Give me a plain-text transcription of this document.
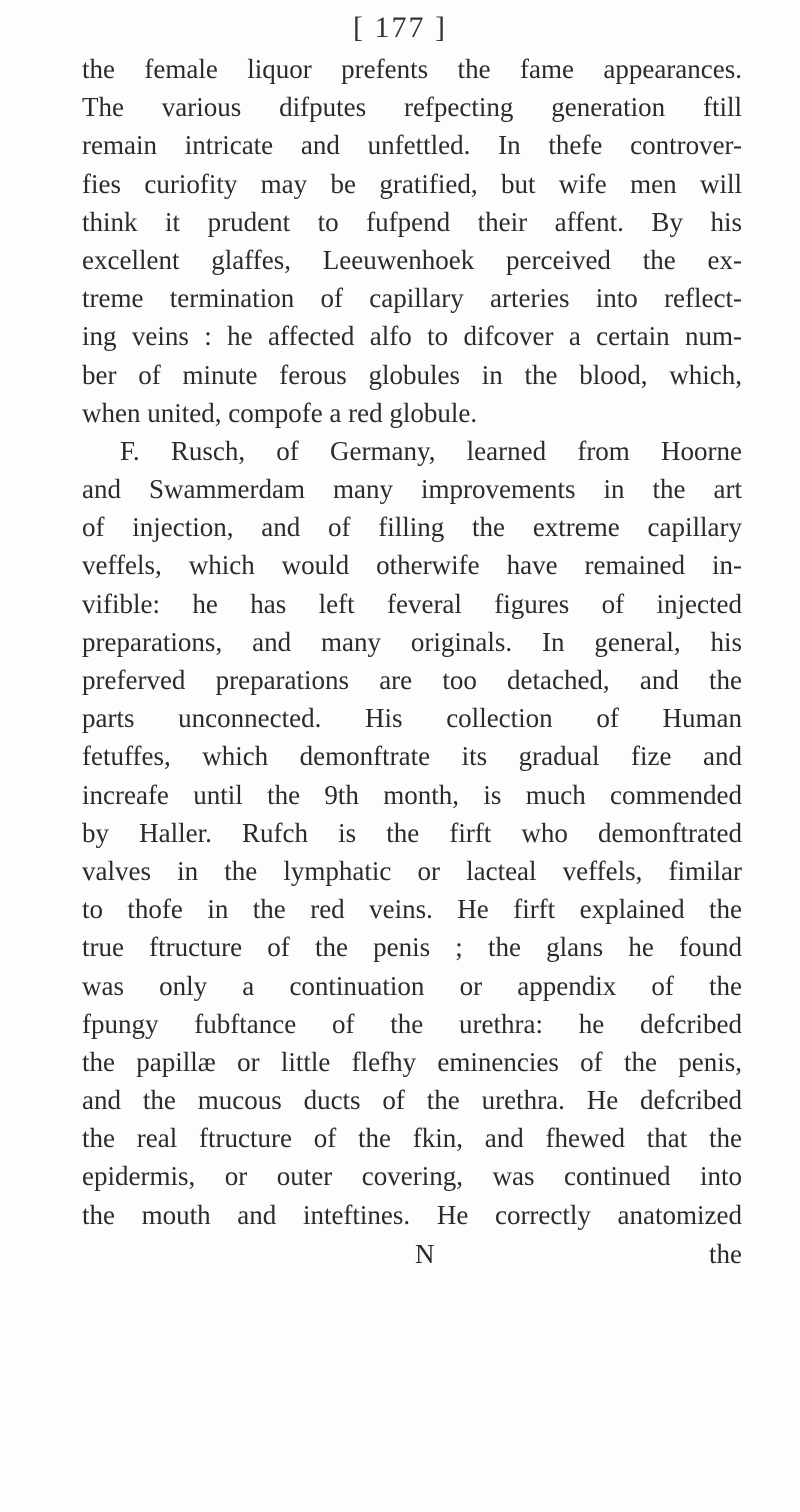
[ 177 ]
the female liquor prefents the fame appearances.
The various difputes refpecting generation ftill
remain intricate and unfettled. In thefe controver-
fies curiofity may be gratified, but wife men will
think it prudent to fufpend their affent. By his
excellent glaffes, Leeuwenhoek perceived the ex-
treme termination of capillary arteries into reflect-
ing veins : he affected alfo to difcover a certain num-
ber of minute ferous globules in the blood, which,
when united, compofe a red globule.
F. Rusch, of Germany, learned from Hoorne
and Swammerdam many improvements in the art
of injection, and of filling the extreme capillary
veffels, which would otherwife have remained in-
vifible: he has left feveral figures of injected
preparations, and many originals. In general, his
preferved preparations are too detached, and the
parts unconnected. His collection of Human
fetuffes, which demonftrate its gradual fize and
increafe until the 9th month, is much commended
by Haller. Rufch is the firft who demonftrated
valves in the lymphatic or lacteal veffels, fimilar
to thofe in the red veins. He firft explained the
true ftructure of the penis ; the glans he found
was only a continuation or appendix of the
fpungy fubftance of the urethra: he defcribed
the papillæ or little flefhy eminencies of the penis,
and the mucous ducts of the urethra. He defcribed
the real ftructure of the fkin, and fhewed that the
epidermis, or outer covering, was continued into
the mouth and inteftines. He correctly anatomized
N	the
